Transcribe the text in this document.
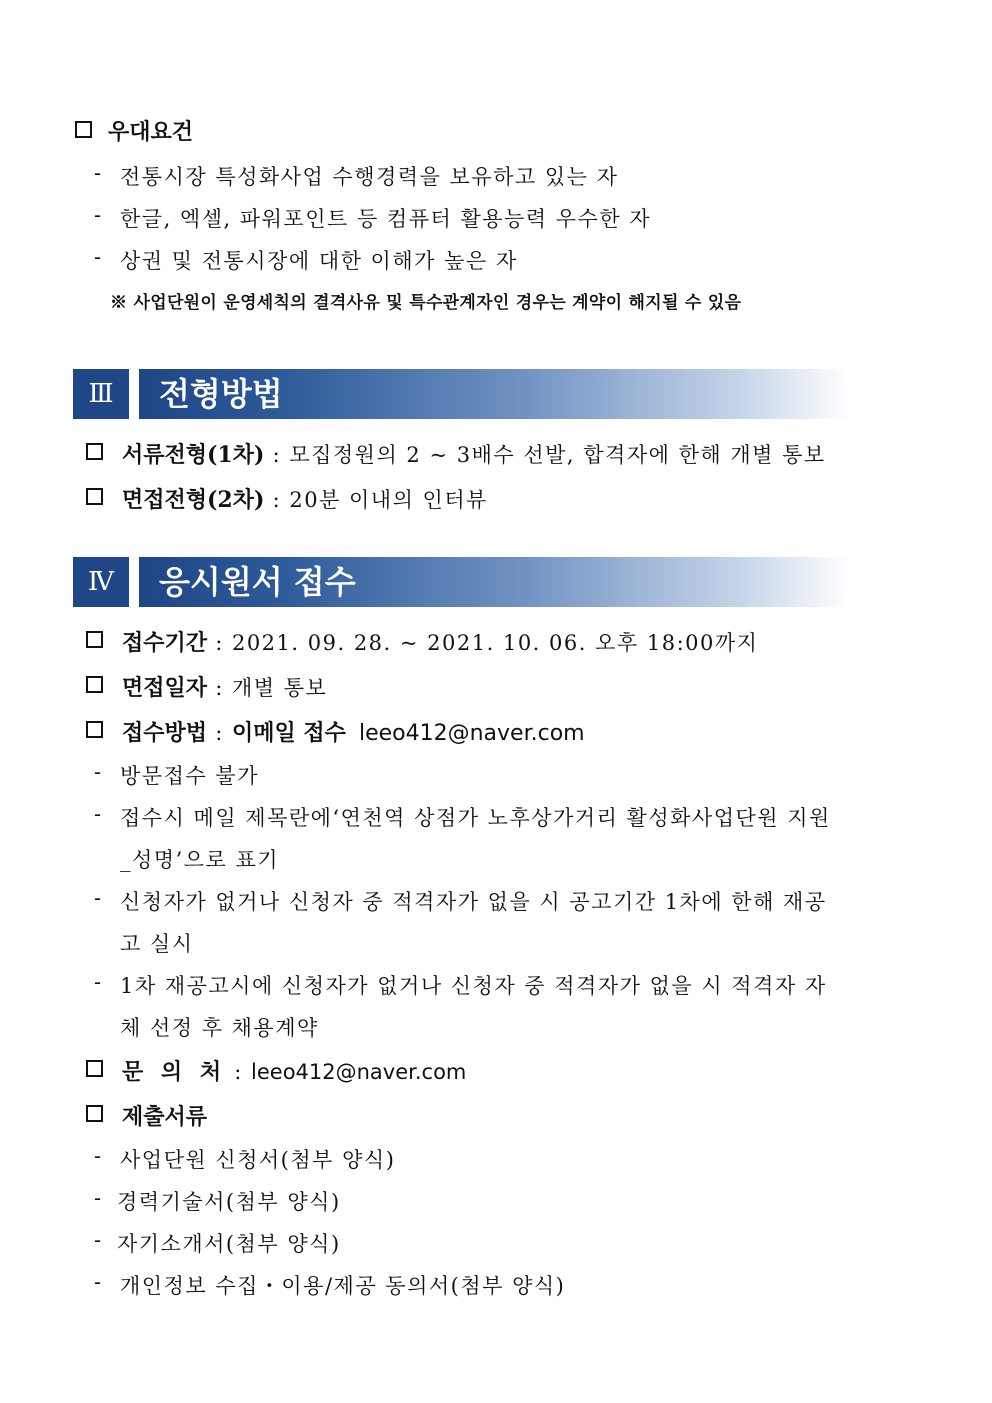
우대요건
- 전통시장 특성화사업 수행경력을 보유하고 있는 자
- 한글, 엑셀, 파워포인트 등 컴퓨터 활용능력 우수한 자
- 상권 및 전통시장에 대한 이해가 높은 자
※ 사업단원이 운영세칙의 결격사유 및 특수관계자인 경우는 계약이 해지될 수 있음
Ⅲ	전형방법
서류전형(1차) : 모집정원의 2 ~ 3배수 선발, 합격자에 한해 개별 통보
면접전형(2차) : 20분 이내의 인터뷰
Ⅳ	응시원서 접수
접수기간 : 2021. 09. 28. ~ 2021. 10. 06. 오후 18:00까지
면접일자 : 개별 통보
접수방법 : 이메일 접수 leeo412@naver.com
- 방문접수 불가
- 접수시 메일 제목란에‘연천역 상점가 노후상가거리 활성화사업단원 지원
_성명’으로 표기
- 신청자가 없거나 신청자 중 적격자가 없을 시 공고기간 1차에 한해 재공
고 실시
- 1차 재공고시에 신청자가 없거나 신청자 중 적격자가 없을 시 적격자 자
체 선정 후 채용계약
문 의 처 : leeo412@naver.com
제출서류
- 사업단원 신청서(첨부 양식)
- 경력기술서(첨부 양식)
- 자기소개서(첨부 양식)
- 개인정보 수집・이용/제공 동의서(첨부 양식)
